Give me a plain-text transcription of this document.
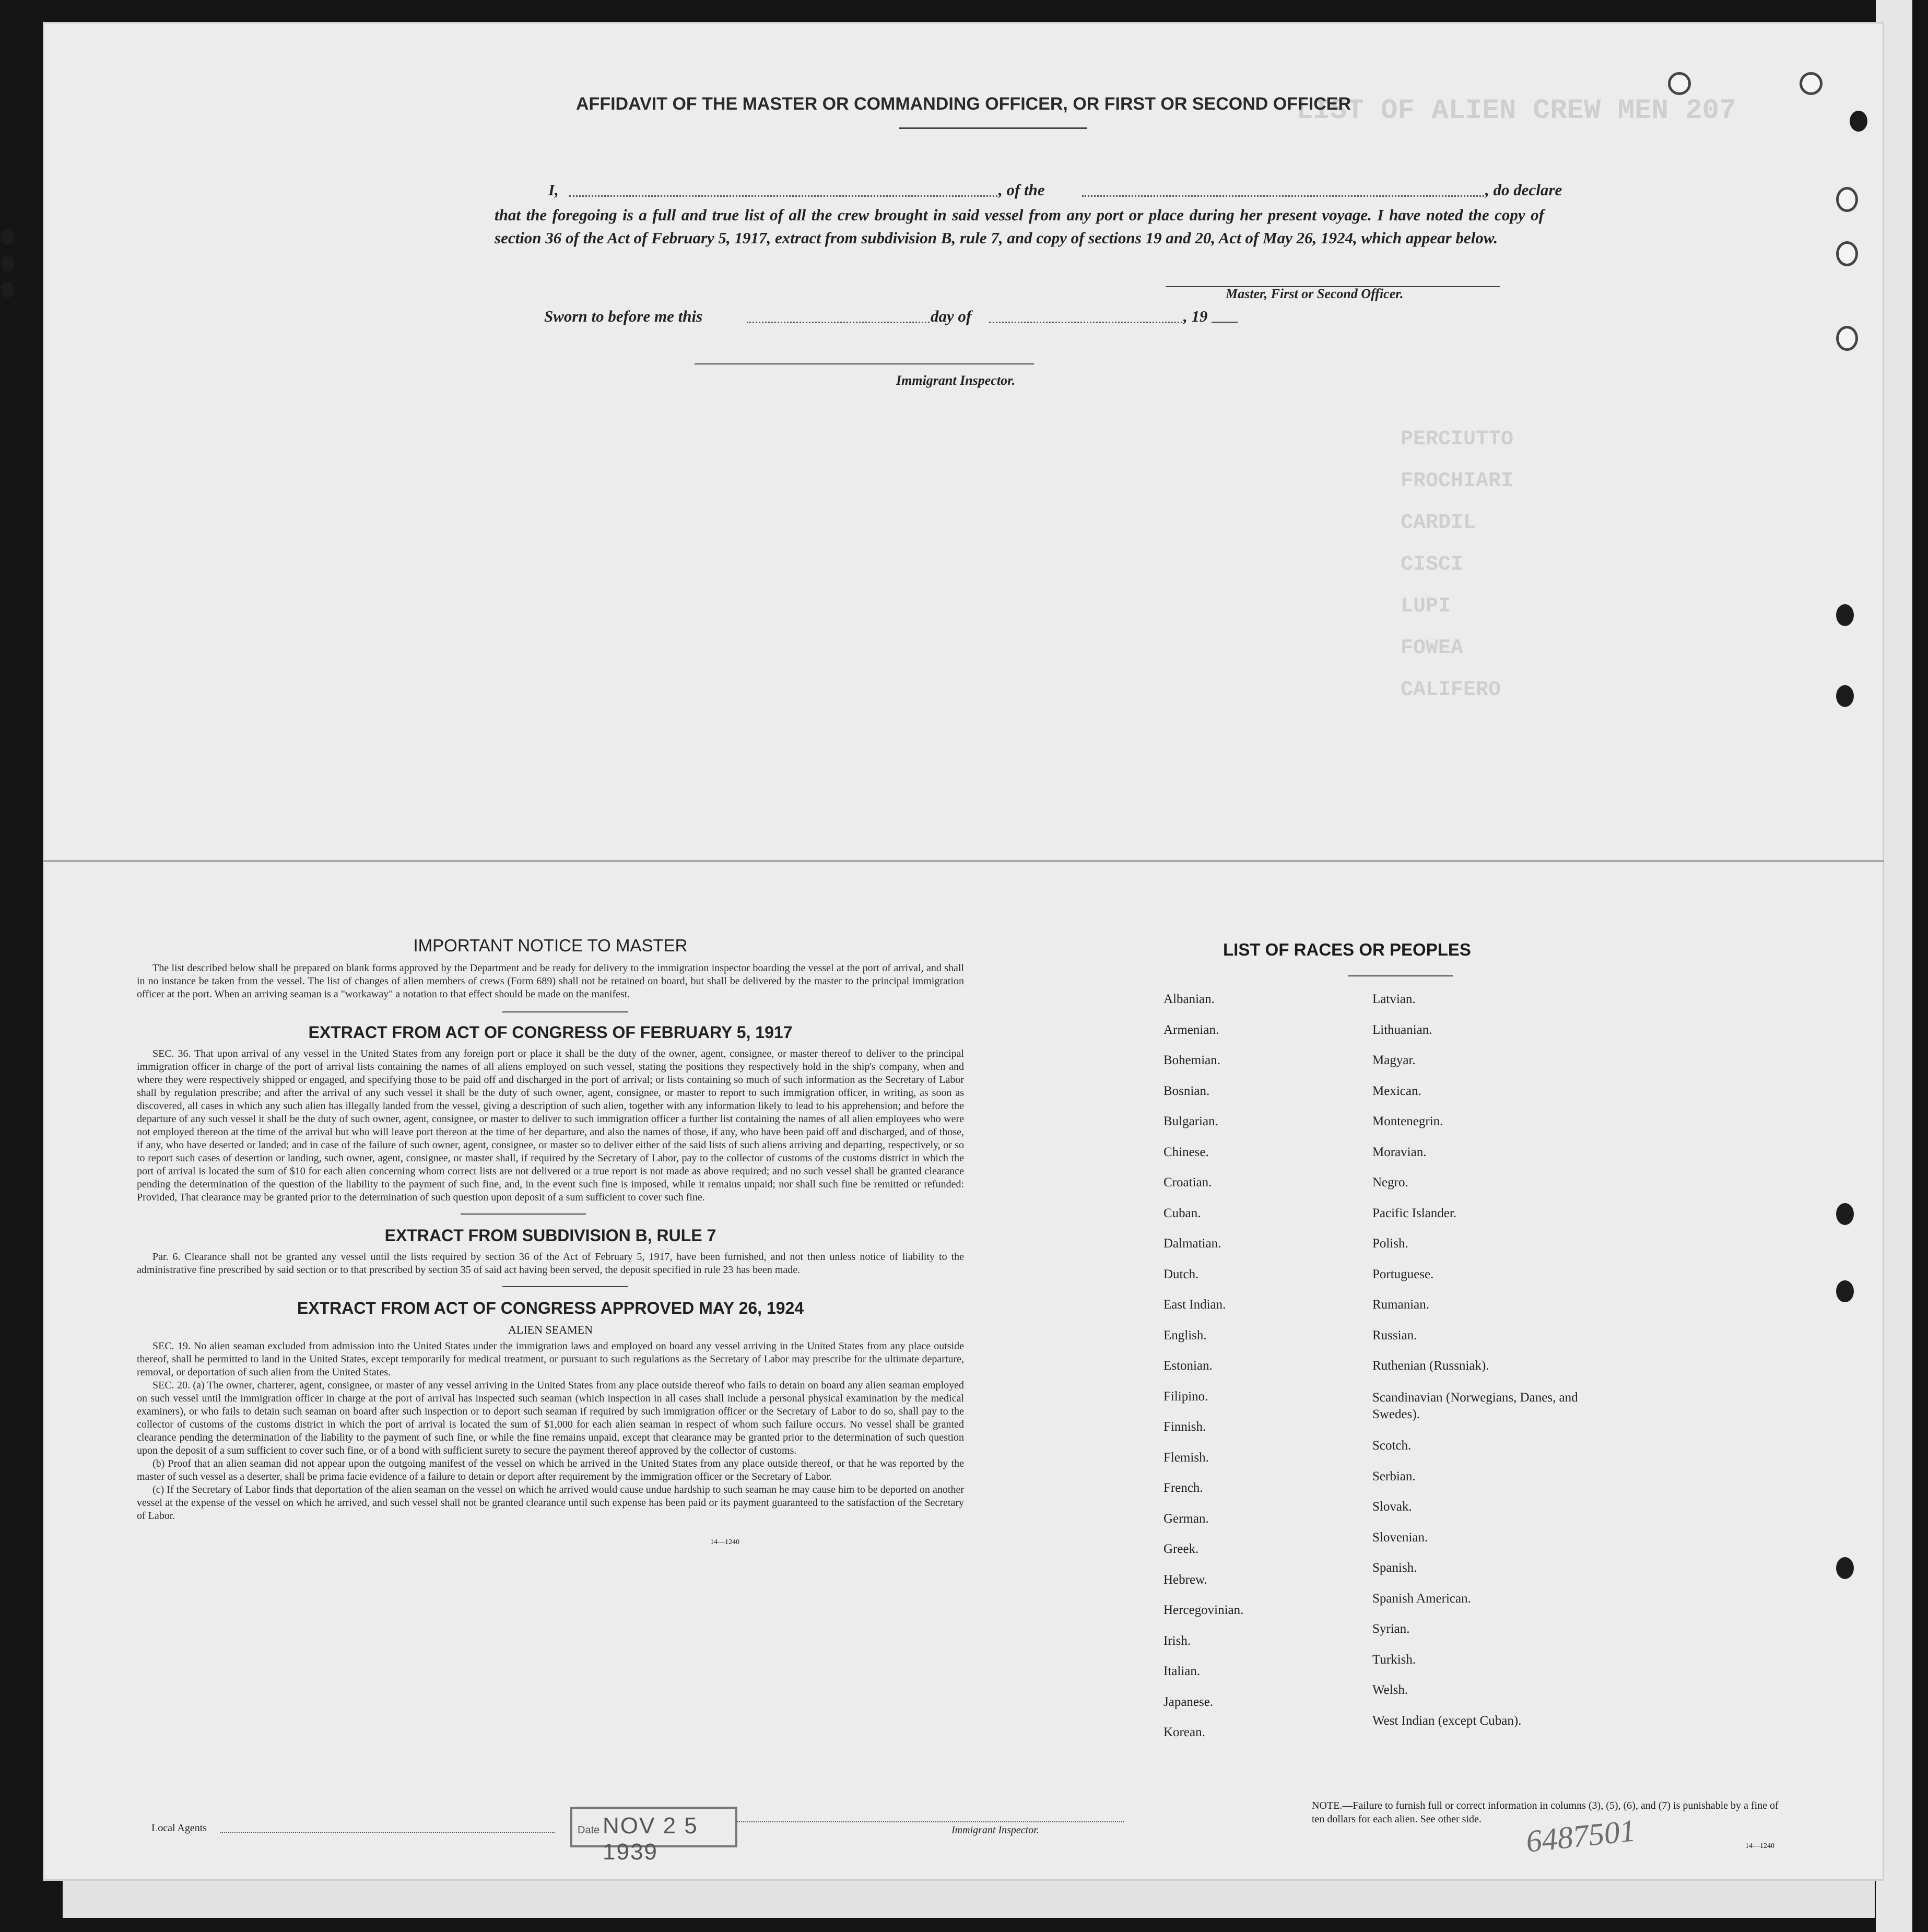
LIST OF ALIEN CREW MEN 207
PERCIUTTO
FROCHIARI
CARDIL
CISCI
LUPI
FOWEA
CALIFERO
AFFIDAVIT OF THE MASTER OR COMMANDING OFFICER, OR FIRST OR SECOND OFFICER
I,	, of the	, do declare
that the foregoing is a full and true list of all the crew brought in said vessel from any port or place during her present voyage. I have noted the copy of section 36 of the Act of February 5, 1917, extract from subdivision B, rule 7, and copy of sections 19 and 20, Act of May 26, 1924, which appear below.
Master, First or Second Officer.
Sworn to before me this	day of	, 19
Immigrant Inspector.
IMPORTANT NOTICE TO MASTER

The list described below shall be prepared on blank forms approved by the Department and be ready for delivery to the immigration inspector boarding the vessel at the port of arrival, and shall in no instance be taken from the vessel. The list of changes of alien members of crews (Form 689) shall not be retained on board, but shall be delivered by the master to the principal immigration officer at the port. When an arriving seaman is a "workaway" a notation to that effect should be made on the manifest.

EXTRACT FROM ACT OF CONGRESS OF FEBRUARY 5, 1917

SEC. 36. That upon arrival of any vessel in the United States from any foreign port or place it shall be the duty of the owner, agent, consignee, or master thereof to deliver to the principal immigration officer in charge of the port of arrival lists containing the names of all aliens employed on such vessel, stating the positions they respectively hold in the ship's company, when and where they were respectively shipped or engaged, and specifying those to be paid off and discharged in the port of arrival; or lists containing so much of such information as the Secretary of Labor shall by regulation prescribe; and after the arrival of any such vessel it shall be the duty of such owner, agent, consignee, or master to report to such immigration officer, in writing, as soon as discovered, all cases in which any such alien has illegally landed from the vessel, giving a description of such alien, together with any information likely to lead to his apprehension; and before the departure of any such vessel it shall be the duty of such owner, agent, consignee, or master to deliver to such immigration officer a further list containing the names of all alien employees who were not employed thereon at the time of the arrival but who will leave port thereon at the time of her departure, and also the names of those, if any, who have been paid off and discharged, and of those, if any, who have deserted or landed; and in case of the failure of such owner, agent, consignee, or master so to deliver either of the said lists of such aliens arriving and departing, respectively, or so to report such cases of desertion or landing, such owner, agent, consignee, or master shall, if required by the Secretary of Labor, pay to the collector of customs of the customs district in which the port of arrival is located the sum of $10 for each alien concerning whom correct lists are not delivered or a true report is not made as above required; and no such vessel shall be granted clearance pending the determination of the question of the liability to the payment of such fine, and, in the event such fine is imposed, while it remains unpaid; nor shall such fine be remitted or refunded: Provided, That clearance may be granted prior to the determination of such question upon deposit of a sum sufficient to cover such fine.

EXTRACT FROM SUBDIVISION B, RULE 7

Par. 6. Clearance shall not be granted any vessel until the lists required by section 36 of the Act of February 5, 1917, have been furnished, and not then unless notice of liability to the administrative fine prescribed by said section or to that prescribed by section 35 of said act having been served, the deposit specified in rule 23 has been made.

EXTRACT FROM ACT OF CONGRESS APPROVED MAY 26, 1924
ALIEN SEAMEN

SEC. 19. No alien seaman excluded from admission into the United States under the immigration laws and employed on board any vessel arriving in the United States from any place outside thereof, shall be permitted to land in the United States, except temporarily for medical treatment, or pursuant to such regulations as the Secretary of Labor may prescribe for the ultimate departure, removal, or deportation of such alien from the United States.

SEC. 20. (a) The owner, charterer, agent, consignee, or master of any vessel arriving in the United States from any place outside thereof who fails to detain on board any alien seaman employed on such vessel until the immigration officer in charge at the port of arrival has inspected such seaman (which inspection in all cases shall include a personal physical examination by the medical examiners), or who fails to detain such seaman on board after such inspection or to deport such seaman if required by such immigration officer or the Secretary of Labor to do so, shall pay to the collector of customs of the customs district in which the port of arrival is located the sum of $1,000 for each alien seaman in respect of whom such failure occurs. No vessel shall be granted clearance pending the determination of the liability to the payment of such fine, or while the fine remains unpaid, except that clearance may be granted prior to the determination of such question upon the deposit of a sum sufficient to cover such fine, or of a bond with sufficient surety to secure the payment thereof approved by the collector of customs.

(b) Proof that an alien seaman did not appear upon the outgoing manifest of the vessel on which he arrived in the United States from any place outside thereof, or that he was reported by the master of such vessel as a deserter, shall be prima facie evidence of a failure to detain or deport after requirement by the immigration officer or the Secretary of Labor.

(c) If the Secretary of Labor finds that deportation of the alien seaman on the vessel on which he arrived would cause undue hardship to such seaman he may cause him to be deported on another vessel at the expense of the vessel on which he arrived, and such vessel shall not be granted clearance until such expense has been paid or its payment guaranteed to the satisfaction of the Secretary of Labor.

14—1240
LIST OF RACES OR PEOPLES
Albanian.
Armenian.
Bohemian.
Bosnian.
Bulgarian.
Chinese.
Croatian.
Cuban.
Dalmatian.
Dutch.
East Indian.
English.
Estonian.
Filipino.
Finnish.
Flemish.
French.
German.
Greek.
Hebrew.
Hercegovinian.
Irish.
Italian.
Japanese.
Korean.
Latvian.
Lithuanian.
Magyar.
Mexican.
Montenegrin.
Moravian.
Negro.
Pacific Islander.
Polish.
Portuguese.
Rumanian.
Russian.
Ruthenian (Russniak).
Scandinavian (Norwegians, Danes, and Swedes).
Scotch.
Serbian.
Slovak.
Slovenian.
Spanish.
Spanish American.
Syrian.
Turkish.
Welsh.
West Indian (except Cuban).
Local Agents	Date NOV 2 5 1939
Immigrant Inspector.
NOTE.—Failure to furnish full or correct information in columns (3), (5), (6), and (7) is punishable by a fine of ten dollars for each alien. See other side.
14—1240
6487501
